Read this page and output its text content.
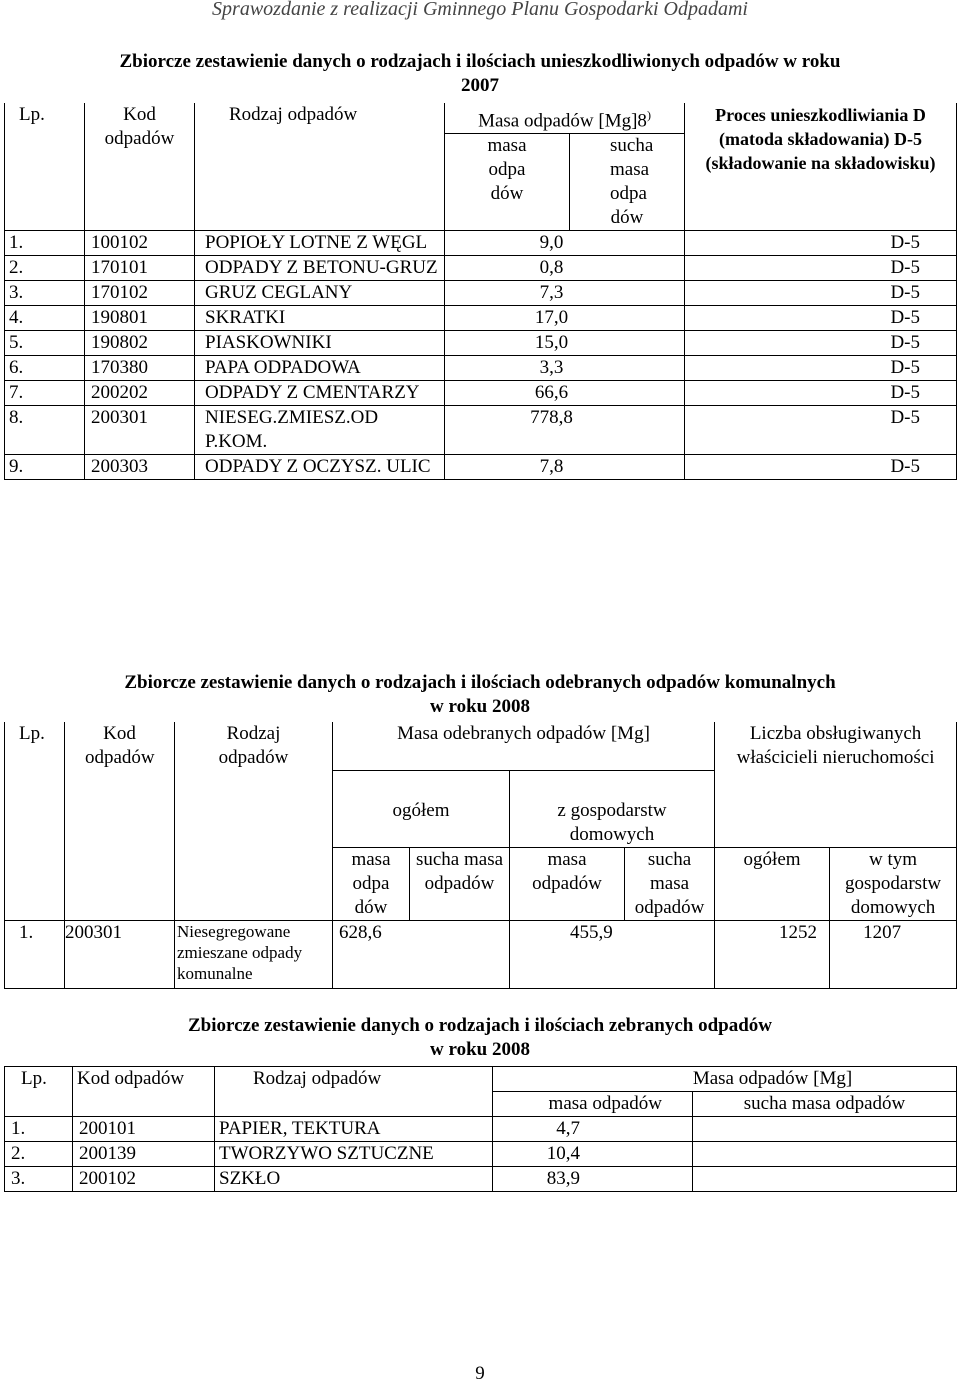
Sprawozdanie z realizacji Gminnego Planu Gospodarki Odpadami
Zbiorcze zestawienie danych o rodzajach i ilościach unieszkodliwionych odpadów w roku
2007
Lp.	Kod odpadów	Rodzaj odpadów	Masa odpadów [Mg]8)		Proces unieszkodliwiania D (matoda składowania) D-5 (składowanie na składowisku)
			masa odpa dów	sucha masa odpa dów	
1.	100102	POPIOŁY LOTNE Z WĘGL	9,0		D-5
2.	170101	ODPADY Z BETONU-GRUZ	0,8		D-5
3.	170102	GRUZ CEGLANY	7,3		D-5
4.	190801	SKRATKI	17,0		D-5
5.	190802	PIASKOWNIKI	15,0		D-5
6.	170380	PAPA ODPADOWA	3,3		D-5
7.	200202	ODPADY Z CMENTARZY	66,6		D-5
8.	200301	NIESEG.ZMIESZ.OD P.KOM.	778,8		D-5
9.	200303	ODPADY Z OCZYSZ. ULIC	7,8		D-5
Zbiorcze zestawienie danych o rodzajach i ilościach odebranych odpadów komunalnych
w roku 2008
Lp.	Kod odpadów	Rodzaj odpadów	Masa odebranych odpadów [Mg]				Liczba obsługiwanych właścicieli nieruchomości	
			ogółem		z gospodarstw domowych			
			masa odpa dów	sucha masa odpadów	masa odpadów	sucha masa odpadów	ogółem	w tym gospodarstw domowych
1.	200301	Niesegregowane zmieszane odpady komunalne	628,6		455,9		1252	1207
Zbiorcze zestawienie danych o rodzajach i ilościach zebranych odpadów
w roku 2008
Lp.	Kod odpadów	Rodzaj odpadów	Masa odpadów [Mg]	
			masa odpadów	sucha masa odpadów
1.	200101	PAPIER, TEKTURA	4,7	
2.	200139	TWORZYWO SZTUCZNE	10,4	
3.	200102	SZKŁO	83,9	
9
